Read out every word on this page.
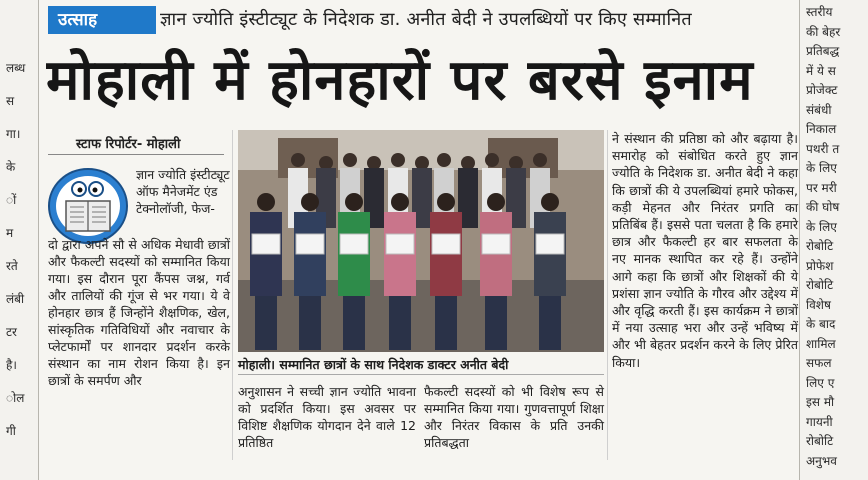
लब्ध
स
गा।
के
ों
म
रते
लंबी
टर
है।
ोल
गी
स्तरीय
की बेहर
प्रतिबद्ध
में ये स
प्रोजेक्ट
संबंधी
निकाल
पथरी त
के लिए
पर मरी
की घोष
के लिए
रोबोटि
प्रोफेश
रोबोटि
विशेष
के बाद
शामिल
सफल
लिए ए
इस मौ
गायनी
रोबोटि
अनुभव
उत्साह	ज्ञान ज्योति इंस्टीट्यूट के निदेशक डा. अनीत बेदी ने उपलब्धियों पर किए सम्मानित
मोहाली में होनहारों पर बरसे इनाम
स्टाफ रिपोर्टर- मोहाली
ज्ञान ज्योति इंस्टीट्यूट ऑफ मैनेजमेंट एंड टेक्नोलॉजी, फेज-
दो द्वारा अपने सौ से अधिक मेधावी छात्रों और फैकल्टी सदस्यों को सम्मानित किया गया। इस दौरान पूरा कैंपस जश्न, गर्व और तालियों की गूंज से भर गया। ये वे होनहार छात्र हैं जिन्होंने शैक्षणिक, खेल, सांस्कृतिक गतिविधियों और नवाचार के प्लेटफार्मों पर शानदार प्रदर्शन करके संस्थान का नाम रोशन किया है। इन छात्रों के समर्पण और
मोहाली। सम्मानित छात्रों के साथ निदेशक डाक्टर अनीत बेदी
अनुशासन ने सच्ची ज्ञान ज्योति भावना को प्रदर्शित किया। इस अवसर पर विशिष्ट शैक्षणिक योगदान देने वाले 12 प्रतिष्ठित
फैकल्टी सदस्यों को भी विशेष रूप से सम्मानित किया गया। गुणवत्तापूर्ण शिक्षा और निरंतर विकास के प्रति उनकी प्रतिबद्धता
ने संस्थान की प्रतिष्ठा को और बढ़ाया है। समारोह को संबोधित करते हुए ज्ञान ज्योति के निदेशक डा. अनीत बेदी ने कहा कि छात्रों की ये उपलब्धियां हमारे फोकस, कड़ी मेहनत और निरंतर प्रगति का प्रतिबिंब हैं। इससे पता चलता है कि हमारे छात्र और फैकल्टी हर बार सफलता के नए मानक स्थापित कर रहे हैं। उन्होंने आगे कहा कि छात्रों और शिक्षकों की ये प्रशंसा ज्ञान ज्योति के गौरव और उद्देश्य में और वृद्धि करती हैं। इस कार्यक्रम ने छात्रों में नया उत्साह भरा और उन्हें भविष्य में और भी बेहतर प्रदर्शन करने के लिए प्रेरित किया।
